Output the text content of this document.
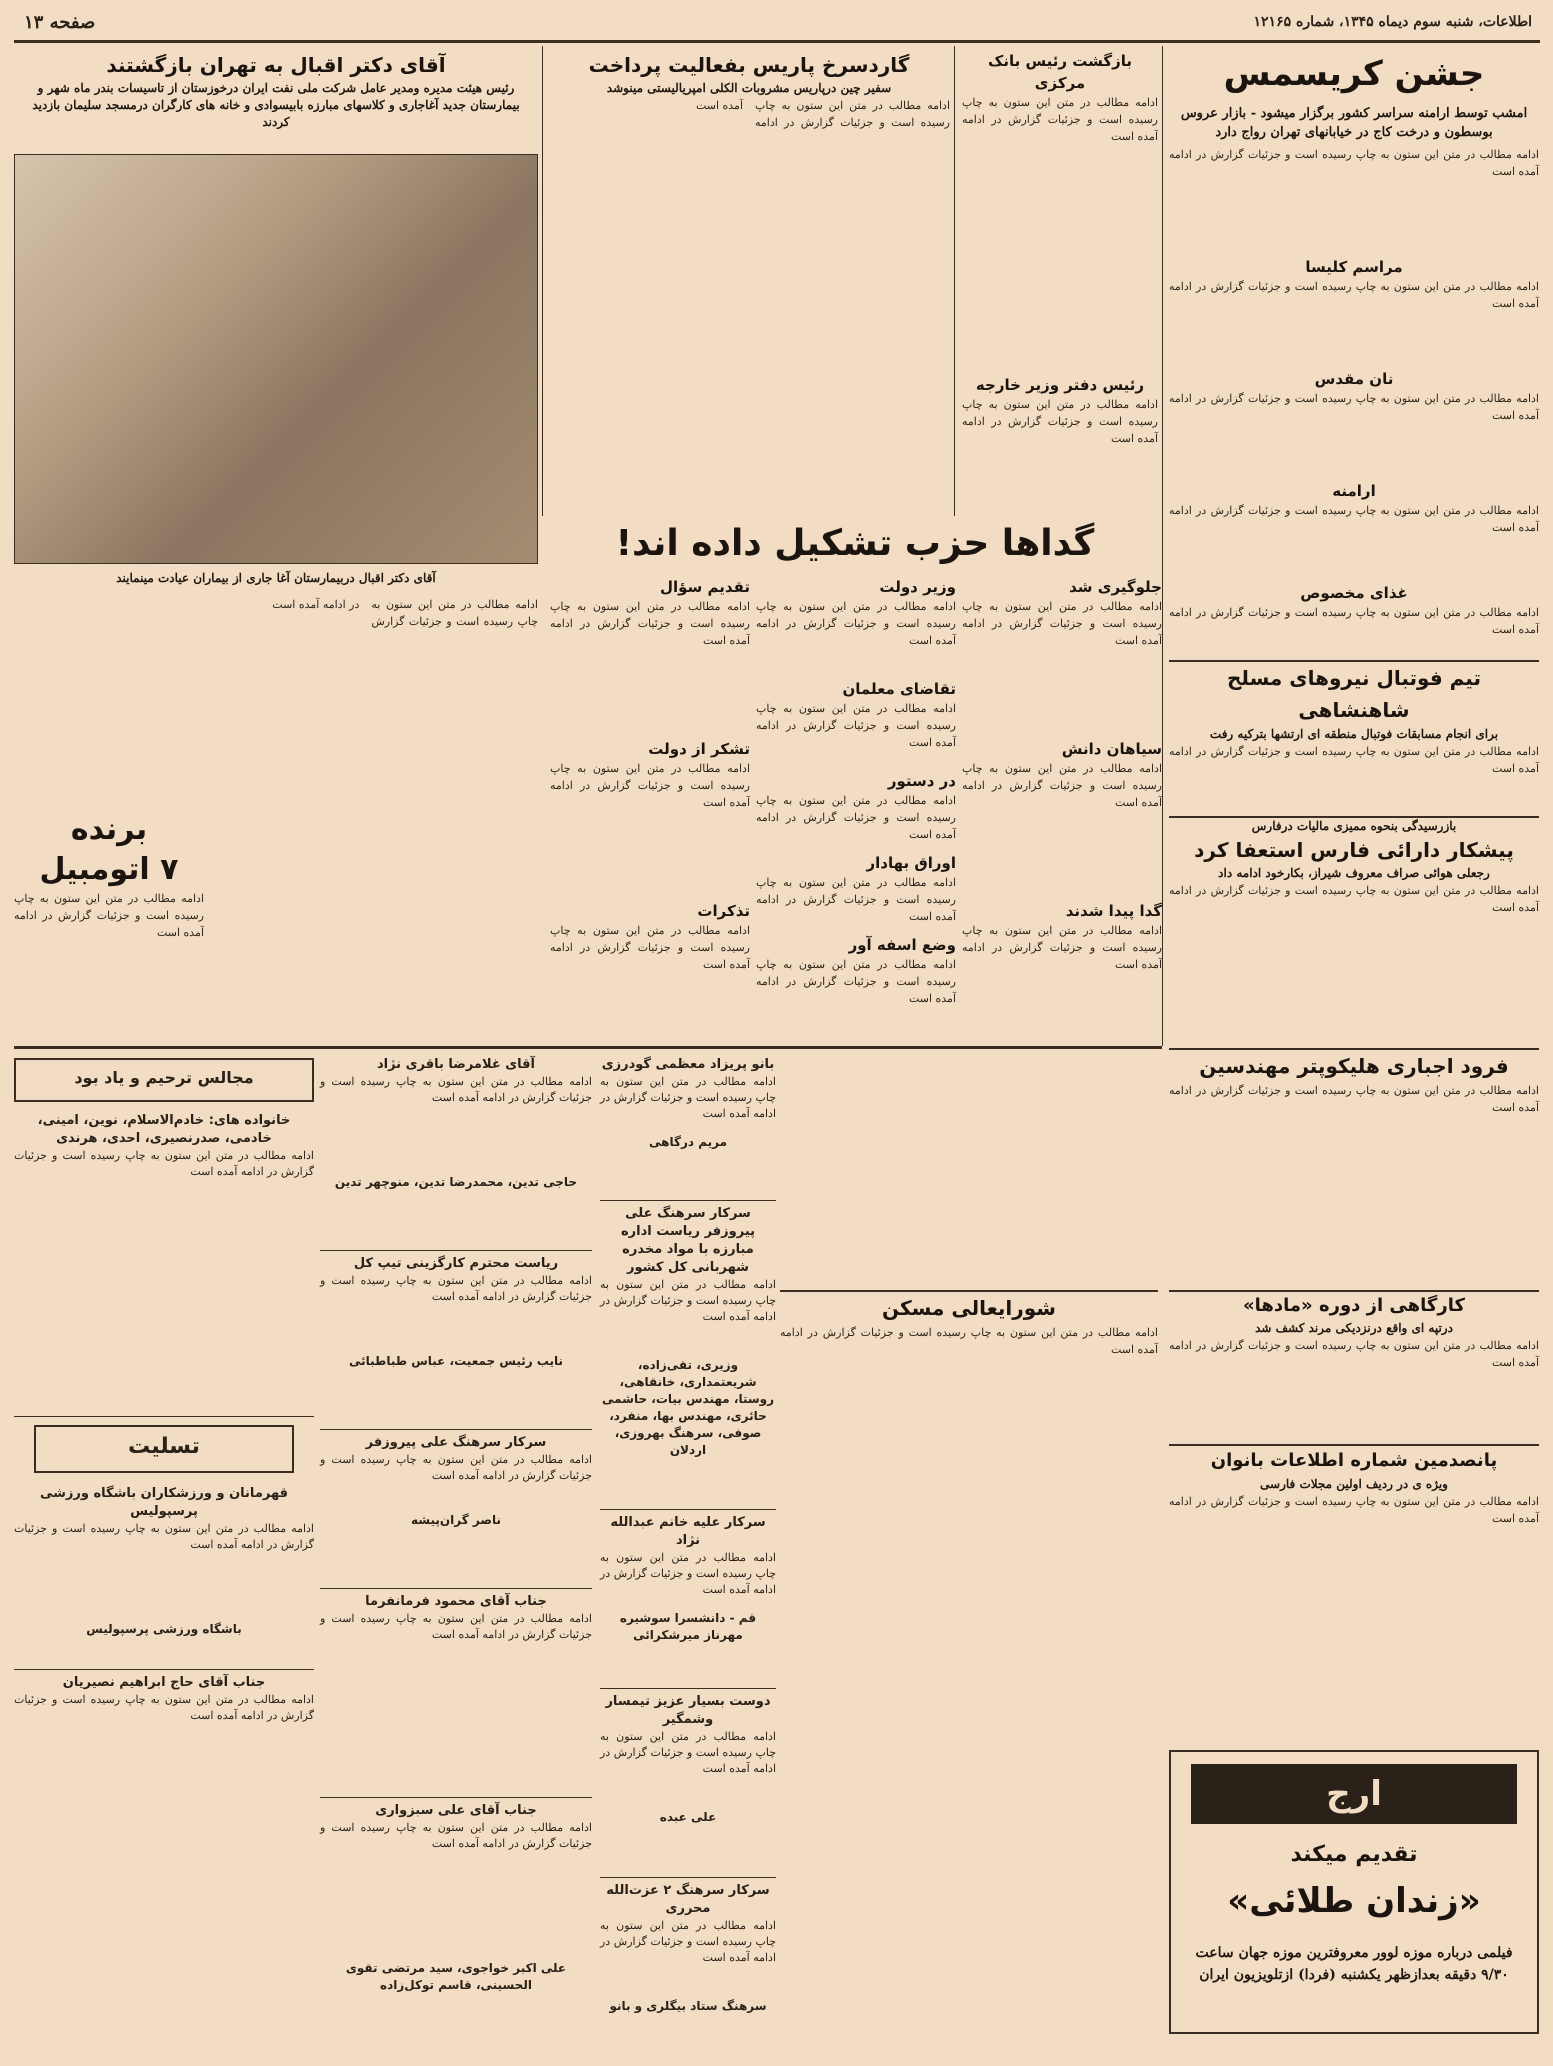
اطلاعات، شنبه سوم دیماه ۱۳۴۵، شماره ۱۲۱۶۵
صفحه ۱۳
جشن کریسمس
امشب توسط ارامنه سراسر کشور برگزار میشود - بازار عروس بوسطون و درخت کاج در خیابانهای تهران رواج دارد
ادامه مطالب در متن این ستون به چاپ رسیده است و جزئیات گزارش در ادامه آمده است
مراسم کلیسا
ادامه مطالب در متن این ستون به چاپ رسیده است و جزئیات گزارش در ادامه آمده است
نان مقدس
ادامه مطالب در متن این ستون به چاپ رسیده است و جزئیات گزارش در ادامه آمده است
ارامنه
ادامه مطالب در متن این ستون به چاپ رسیده است و جزئیات گزارش در ادامه آمده است
غذای مخصوص
ادامه مطالب در متن این ستون به چاپ رسیده است و جزئیات گزارش در ادامه آمده است
بازگشت رئیس بانک مرکزی
ادامه مطالب در متن این ستون به چاپ رسیده است و جزئیات گزارش در ادامه آمده است
رئیس دفتر وزیر خارجه
ادامه مطالب در متن این ستون به چاپ رسیده است و جزئیات گزارش در ادامه آمده است
گاردسرخ پاریس بفعالیت پرداخت
سفیر چین درپاریس مشروبات الکلی امپریالیستی مینوشد
ادامه مطالب در متن این ستون به چاپ رسیده است و جزئیات گزارش در ادامه آمده است
آقای دکتر اقبال به تهران بازگشتند
رئیس هیئت مدیره ومدیر عامل شرکت ملی نفت ایران درخوزستان از تاسیسات بندر ماه شهر و بیمارستان جدید آغاجاری و کلاسهای مبارزه بابیسوادی و خانه های کارگران درمسجد سلیمان بازدید کردند
آقای دکتر اقبال دربیمارستان آغا جاری از بیماران عیادت مینمایند
ادامه مطالب در متن این ستون به چاپ رسیده است و جزئیات گزارش در ادامه آمده است
برنده
۷ اتومبیل
ادامه مطالب در متن این ستون به چاپ رسیده است و جزئیات گزارش در ادامه آمده است
گداها حزب تشکیل داده اند!
جلوگیری شد
ادامه مطالب در متن این ستون به چاپ رسیده است و جزئیات گزارش در ادامه آمده است
سیاهان دانش
ادامه مطالب در متن این ستون به چاپ رسیده است و جزئیات گزارش در ادامه آمده است
گدا پیدا شدند
ادامه مطالب در متن این ستون به چاپ رسیده است و جزئیات گزارش در ادامه آمده است
وزیر دولت
ادامه مطالب در متن این ستون به چاپ رسیده است و جزئیات گزارش در ادامه آمده است
تقاضای معلمان
ادامه مطالب در متن این ستون به چاپ رسیده است و جزئیات گزارش در ادامه آمده است
در دستور
ادامه مطالب در متن این ستون به چاپ رسیده است و جزئیات گزارش در ادامه آمده است
اوراق بهادار
ادامه مطالب در متن این ستون به چاپ رسیده است و جزئیات گزارش در ادامه آمده است
وضع اسفه آور
ادامه مطالب در متن این ستون به چاپ رسیده است و جزئیات گزارش در ادامه آمده است
تقدیم سؤال
ادامه مطالب در متن این ستون به چاپ رسیده است و جزئیات گزارش در ادامه آمده است
تشکر از دولت
ادامه مطالب در متن این ستون به چاپ رسیده است و جزئیات گزارش در ادامه آمده است
تذکرات
ادامه مطالب در متن این ستون به چاپ رسیده است و جزئیات گزارش در ادامه آمده است
تیم فوتبال نیروهای مسلح شاهنشاهی
برای انجام مسابقات فوتبال منطقه ای ارتشها بترکیه رفت
ادامه مطالب در متن این ستون به چاپ رسیده است و جزئیات گزارش در ادامه آمده است
بازرسیدگی بنحوه ممیزی مالیات درفارس
پیشکار دارائی فارس استعفا کرد
رجعلی هوائی صراف معروف شیراز، بکارخود ادامه داد
ادامه مطالب در متن این ستون به چاپ رسیده است و جزئیات گزارش در ادامه آمده است
فرود اجباری هلیکوپتر مهندسین
ادامه مطالب در متن این ستون به چاپ رسیده است و جزئیات گزارش در ادامه آمده است
کارگاهی از دوره «مادها»
درتپه ای واقع درنزدیکی مرند کشف شد
ادامه مطالب در متن این ستون به چاپ رسیده است و جزئیات گزارش در ادامه آمده است
پانصدمین شماره اطلاعات بانوان
ویژه ی در ردیف اولین مجلات فارسی
ادامه مطالب در متن این ستون به چاپ رسیده است و جزئیات گزارش در ادامه آمده است
ارج
تقدیم میکند
«زندان طلائی»
فیلمی درباره موزه لوور معروفترین موزه جهان ساعت ۹/۳۰ دقیقه بعدازظهر یکشنبه (فردا) ازتلویزیون ایران
شورایعالی مسکن
ادامه مطالب در متن این ستون به چاپ رسیده است و جزئیات گزارش در ادامه آمده است
بانو پریزاد معظمی گودرزی
ادامه مطالب در متن این ستون به چاپ رسیده است و جزئیات گزارش در ادامه آمده است
مریم درگاهی
سرکار سرهنگ علی پیروزفر ریاست اداره مبارزه با مواد مخدره شهربانی کل کشور
ادامه مطالب در متن این ستون به چاپ رسیده است و جزئیات گزارش در ادامه آمده است
وزیری، تقی‌زاده، شریعتمداری، خانقاهی، روستا، مهندس بیات، حاشمی حائری، مهندس بها، منفرد، صوفی، سرهنگ بهروزی، اردلان
سرکار علیه خانم عبدالله نژاد
ادامه مطالب در متن این ستون به چاپ رسیده است و جزئیات گزارش در ادامه آمده است
قم - دانشسرا سوشیره مهرناز میرشکرائی
دوست بسیار عزیز تیمسار وشمگیر
ادامه مطالب در متن این ستون به چاپ رسیده است و جزئیات گزارش در ادامه آمده است
علی عبده
سرکار سرهنگ ۲ عزت‌الله محرری
ادامه مطالب در متن این ستون به چاپ رسیده است و جزئیات گزارش در ادامه آمده است
سرهنگ ستاد بیگلری و بانو
آقای غلامرضا باقری نژاد
ادامه مطالب در متن این ستون به چاپ رسیده است و جزئیات گزارش در ادامه آمده است
حاجی تدین، محمدرضا تدین، منوچهر تدین
ریاست محترم کارگزینی تیپ کل
ادامه مطالب در متن این ستون به چاپ رسیده است و جزئیات گزارش در ادامه آمده است
نایب رئیس جمعیت، عباس طباطبائی
سرکار سرهنگ علی پیروزفر
ادامه مطالب در متن این ستون به چاپ رسیده است و جزئیات گزارش در ادامه آمده است
ناصر گران‌پیشه
جناب آقای محمود فرمانفرما
ادامه مطالب در متن این ستون به چاپ رسیده است و جزئیات گزارش در ادامه آمده است
جناب آقای علی سبزواری
ادامه مطالب در متن این ستون به چاپ رسیده است و جزئیات گزارش در ادامه آمده است
علی اکبر خواجوی، سید مرتضی تقوی الحسینی، قاسم توکل‌زاده
مجالس ترحیم و یاد بود
خانواده های: خادم‌الاسلام، نوین، امینی، خادمی، صدرنصیری، احدی، هرندی
ادامه مطالب در متن این ستون به چاپ رسیده است و جزئیات گزارش در ادامه آمده است
تسلیت
قهرمانان و ورزشکاران باشگاه ورزشی پرسپولیس
ادامه مطالب در متن این ستون به چاپ رسیده است و جزئیات گزارش در ادامه آمده است
باشگاه ورزشی پرسپولیس
جناب آقای حاج ابراهیم نصیریان
ادامه مطالب در متن این ستون به چاپ رسیده است و جزئیات گزارش در ادامه آمده است
